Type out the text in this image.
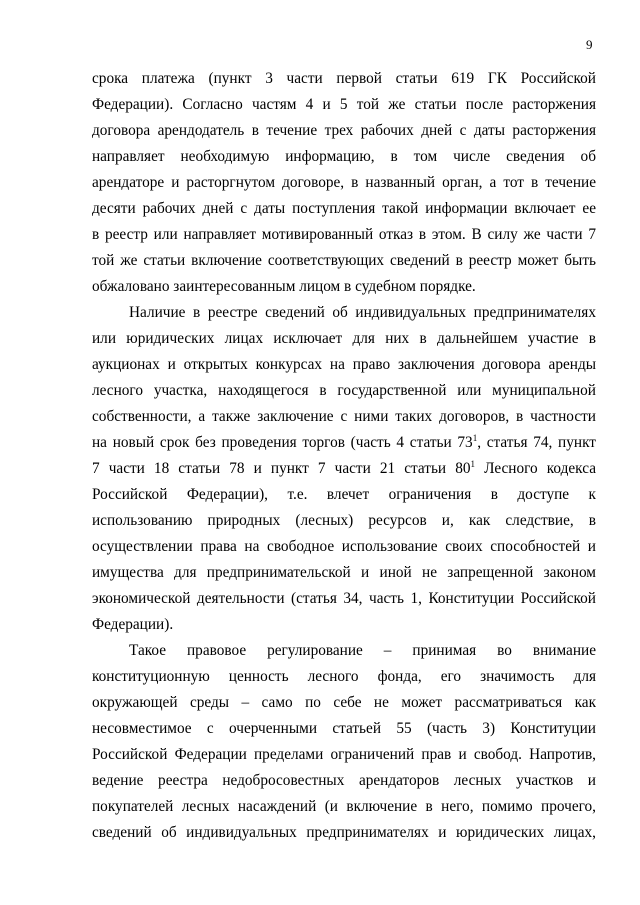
9
срока платежа (пункт 3 части первой статьи 619 ГК Российской
Федерации). Согласно частям 4 и 5 той же статьи после расторжения
договора арендодатель в течение трех рабочих дней с даты расторжения
направляет необходимую информацию, в том числе сведения об
арендаторе и расторгнутом договоре, в названный орган, а тот в течение
десяти рабочих дней с даты поступления такой информации включает ее
в реестр или направляет мотивированный отказ в этом. В силу же части 7
той же статьи включение соответствующих сведений в реестр может быть
обжаловано заинтересованным лицом в судебном порядке.
Наличие в реестре сведений об индивидуальных предпринимателях
или юридических лицах исключает для них в дальнейшем участие в
аукционах и открытых конкурсах на право заключения договора аренды
лесного участка, находящегося в государственной или муниципальной
собственности, а также заключение с ними таких договоров, в частности
на новый срок без проведения торгов (часть 4 статьи $73^1$, статья 74, пункт
7 части 18 статьи 78 и пункт 7 части 21 статьи $80^1$ Лесного кодекса
Российской Федерации), т.е. влечет ограничения в доступе к
использованию природных (лесных) ресурсов и, как следствие, в
осуществлении права на свободное использование своих способностей и
имущества для предпринимательской и иной не запрещенной законом
экономической деятельности (статья 34, часть 1, Конституции Российской
Федерации).
Такое правовое регулирование – принимая во внимание
конституционную ценность лесного фонда, его значимость для
окружающей среды – само по себе не может рассматриваться как
несовместимое с очерченными статьей 55 (часть 3) Конституции
Российской Федерации пределами ограничений прав и свобод. Напротив,
ведение реестра недобросовестных арендаторов лесных участков и
покупателей лесных насаждений (и включение в него, помимо прочего,
сведений об индивидуальных предпринимателях и юридических лицах,
